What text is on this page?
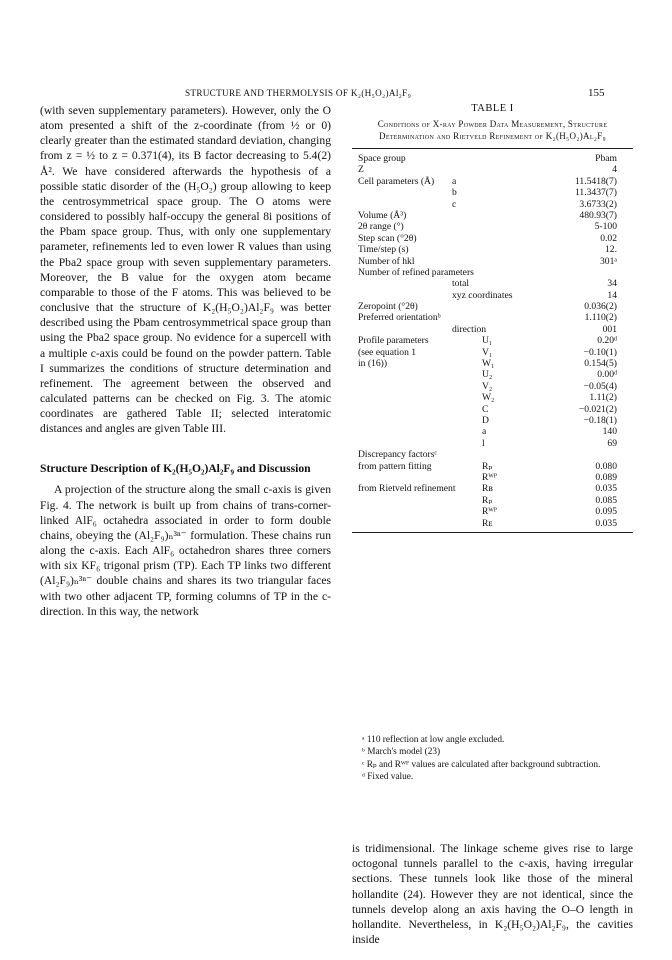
STRUCTURE AND THERMOLYSIS OF K₂(H₅O₂)Al₂F₉	155

(with seven supplementary parameters). However, only the O atom presented a shift of the z-coordinate (from ½ or 0) clearly greater than the estimated standard deviation, changing from z = ½ to z = 0.371(4), its B factor decreasing to 5.4(2) Å². We have considered afterwards the hypothesis of a possible static disorder of the (H₅O₂) group allowing to keep the centrosymmetrical space group. The O atoms were considered to possibly half-occupy the general 8i positions of the Pbam space group. Thus, with only one supplementary parameter, refinements led to even lower R values than using the Pba2 space group with seven supplementary parameters. Moreover, the B value for the oxygen atom became comparable to those of the F atoms. This was believed to be conclusive that the structure of K₂(H₅O₂)Al₂F₉ was better described using the Pbam centrosymmetrical space group than using the Pba2 space group. No evidence for a supercell with a multiple c-axis could be found on the powder pattern. Table I summarizes the conditions of structure determination and refinement. The agreement between the observed and calculated patterns can be checked on Fig. 3. The atomic coordinates are gathered Table II; selected interatomic distances and angles are given Table III.

Structure Description of K₂(H₅O₂)Al₂F₉ and Discussion

A projection of the structure along the small c-axis is given Fig. 4. The network is built up from chains of trans-corner-linked AlF₆ octahedra associated in order to form double chains, obeying the (Al₂F₉)ₙ³ⁿ⁻ formulation. These chains run along the c-axis. Each AlF₆ octahedron shares three corners with six KF₆ trigonal prism (TP). Each TP links two different (Al₂F₉)ₙ³ⁿ⁻ double chains and shares its two triangular faces with two other adjacent TP, forming columns of TP in the c-direction. In this way, the network

TABLE I
Conditions of X-ray Powder Data Measurement, Structure Determination and Rietveld Refinement of K₂(H₅O₂)Al₂F₉
Space group	Pbam
Z	4
Cell parameters (Å) a	11.5418(7)
b	11.3437(7)
c	3.6733(2)
Volume (Å³)	480.93(7)
2θ range (°)	5-100
Step scan (°2θ)	0.02
Time/step (s)	12.
Number of hkl	301ᵃ
Number of refined parameters
total	34
xyz coordinates	14
Zeropoint (°2θ)	0.036(2)
Preferred orientationᵇ	1.110(2)
direction	001
Profile parameters	U₁	0.20ᵈ
(see equation 1	V₁	−0.10(1)
in (16))	W₁	0.154(5)
U₂	0.00ᵈ
V₂	−0.05(4)
W₂	1.11(2)
C	−0.021(2)
D	−0.18(1)
a	140
l	69
Discrepancy factorsᶜ
from pattern fitting	Rₚ	0.080
Rᵂᴾ	0.089
from Rietveld refinement	Rʙ	0.035
Rₚ	0.085
Rᵂᴾ	0.095
Rᴇ	0.035
ᵃ 110 reflection at low angle excluded.
ᵇ March's model (23)
ᶜ Rₚ and Rᵂᴾ values are calculated after background subtraction.
ᵈ Fixed value.
is tridimensional. The linkage scheme gives rise to large octogonal tunnels parallel to the c-axis, having irregular sections. These tunnels look like those of the mineral hollandite (24). However they are not identical, since the tunnels develop along an axis having the O–O length in hollandite. Nevertheless, in K₂(H₅O₂)Al₂F₉, the cavities inside
